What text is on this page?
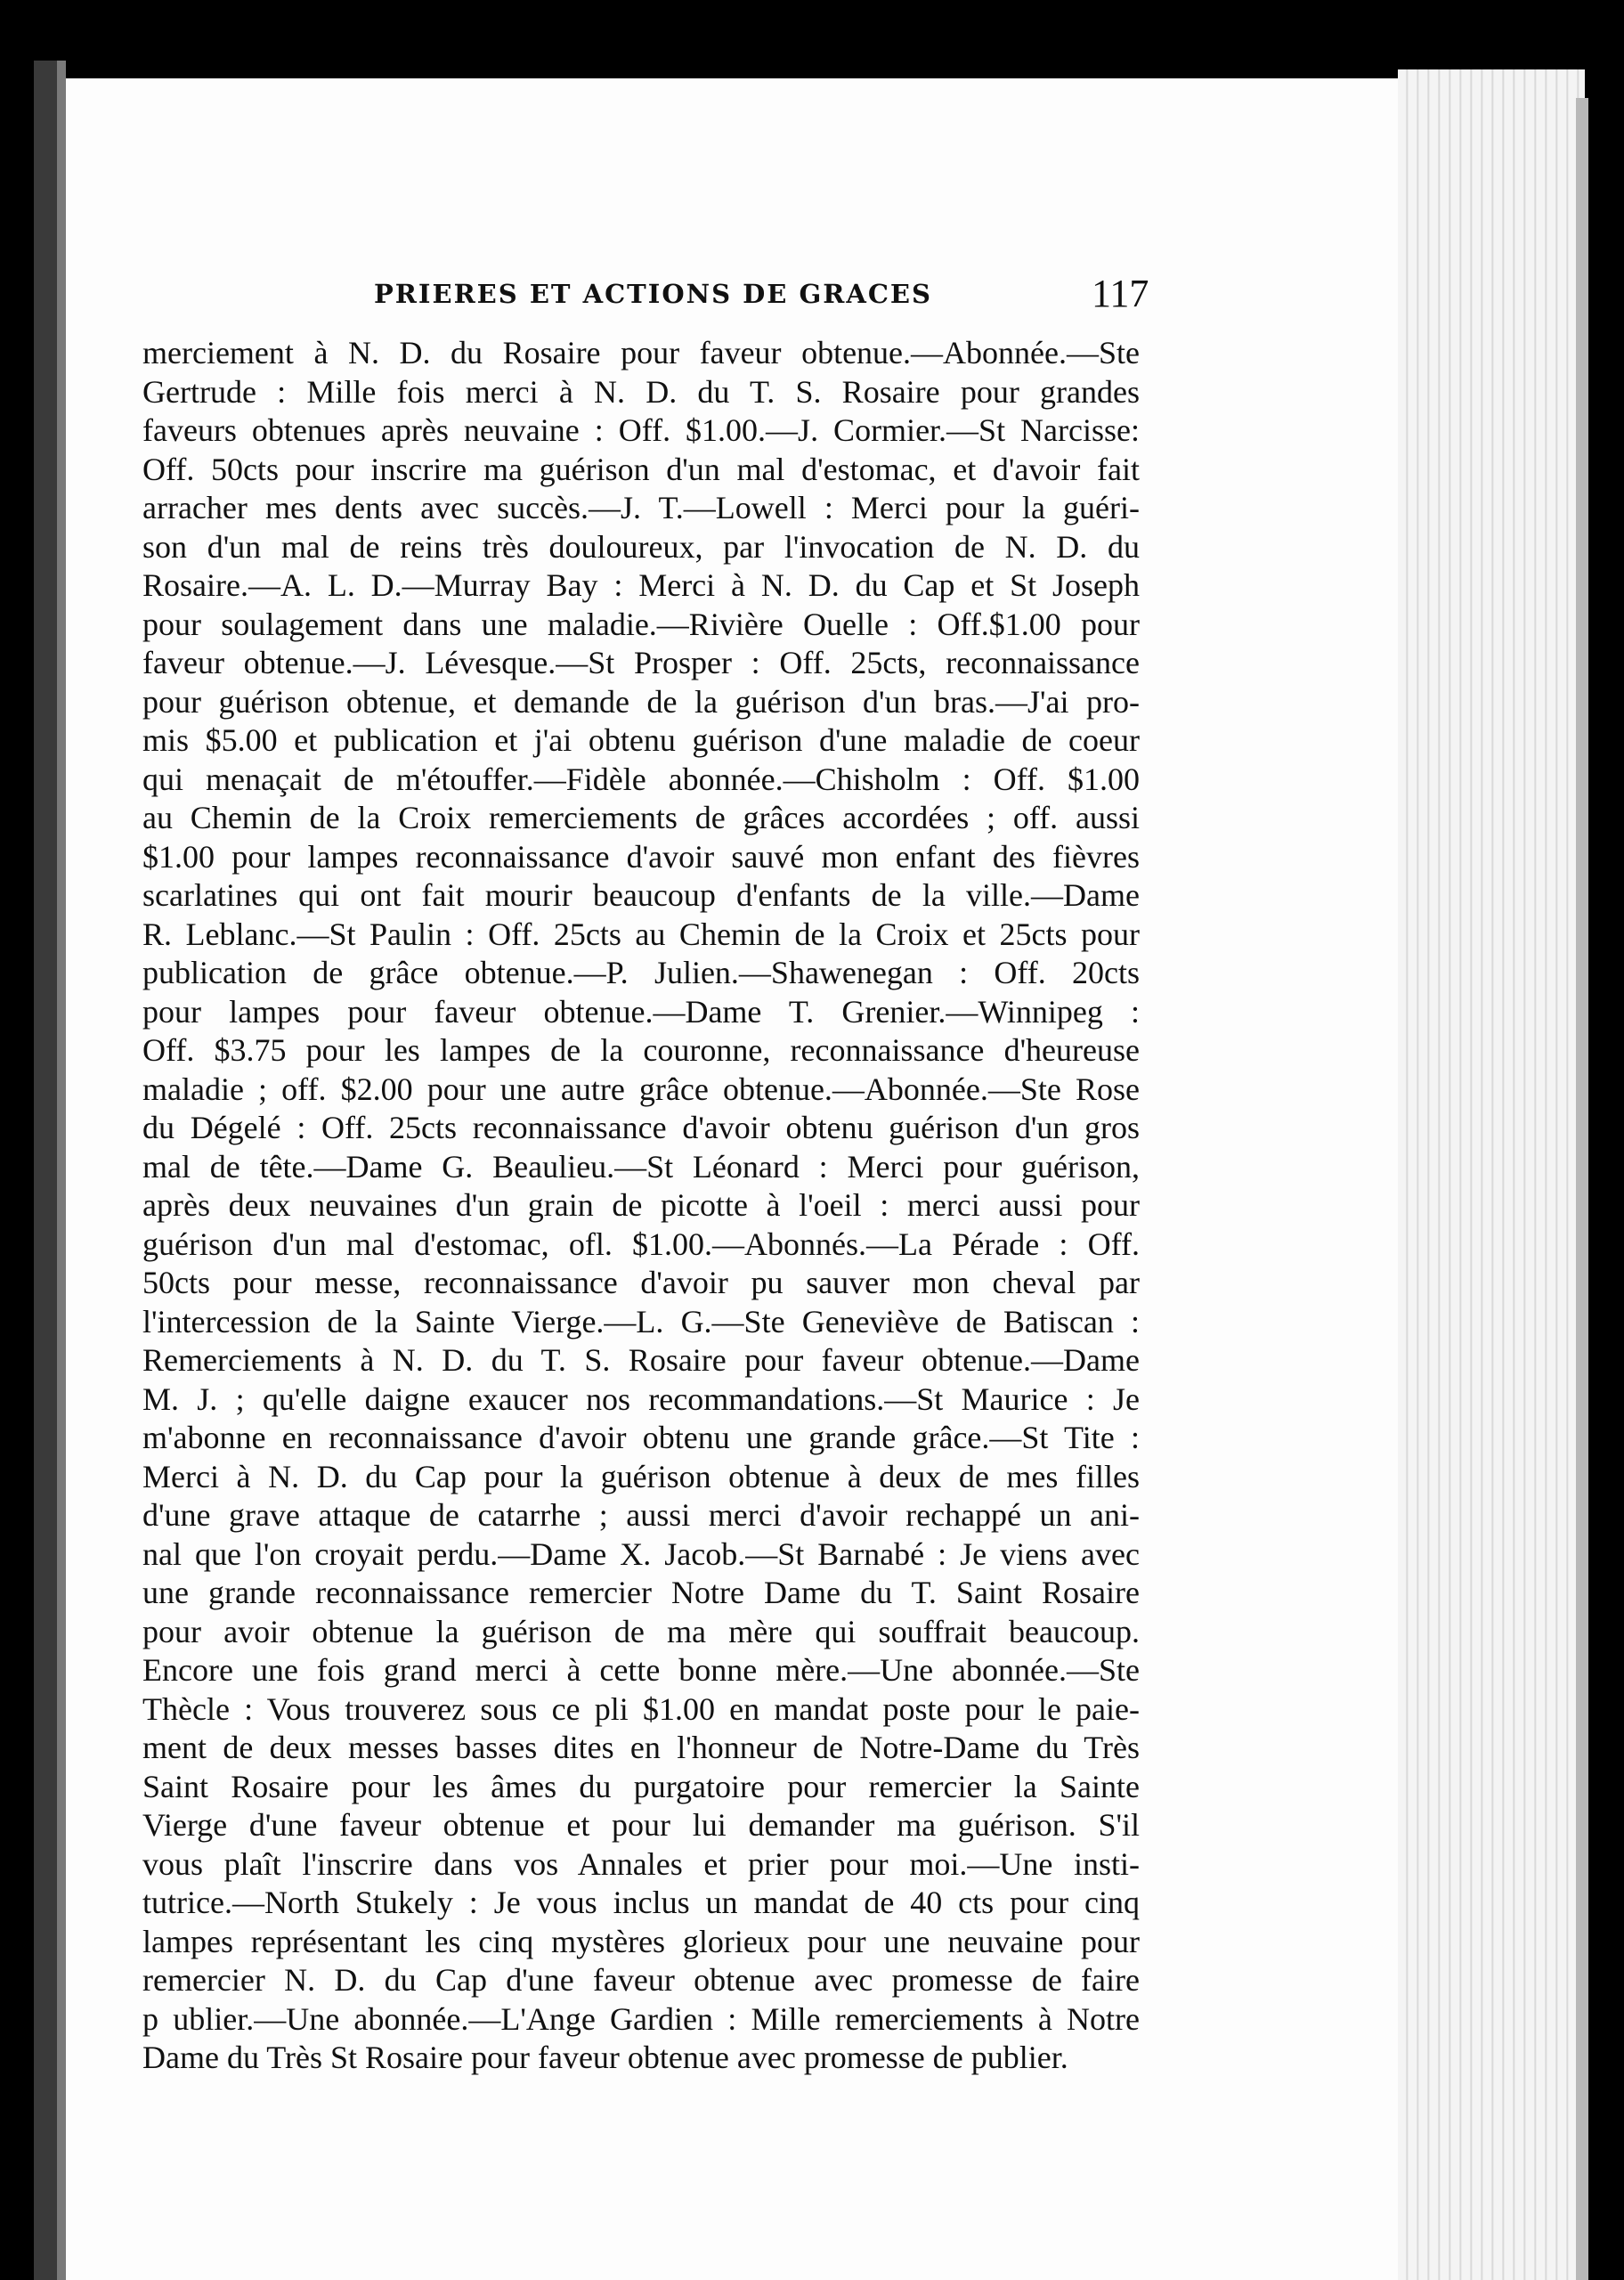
PRIERES ET ACTIONS DE GRACES	117
merciement à N. D. du Rosaire pour faveur obtenue.—Abonnée.—Ste
Gertrude : Mille fois merci à N. D. du T. S. Rosaire pour grandes
faveurs obtenues après neuvaine : Off. $1.00.—J. Cormier.—St Narcisse:
Off. 50cts pour inscrire ma guérison d'un mal d'estomac, et d'avoir fait
arracher mes dents avec succès.—J. T.—Lowell : Merci pour la guéri-
son d'un mal de reins très douloureux, par l'invocation de N. D. du
Rosaire.—A. L. D.—Murray Bay : Merci à N. D. du Cap et St Joseph
pour soulagement dans une maladie.—Rivière Ouelle : Off.$1.00 pour
faveur obtenue.—J. Lévesque.—St Prosper : Off. 25cts, reconnaissance
pour guérison obtenue, et demande de la guérison d'un bras.—J'ai pro-
mis $5.00 et publication et j'ai obtenu guérison d'une maladie de coeur
qui menaçait de m'étouffer.—Fidèle abonnée.—Chisholm : Off. $1.00
au Chemin de la Croix remerciements de grâces accordées ; off. aussi
$1.00 pour lampes reconnaissance d'avoir sauvé mon enfant des fièvres
scarlatines qui ont fait mourir beaucoup d'enfants de la ville.—Dame
R. Leblanc.—St Paulin : Off. 25cts au Chemin de la Croix et 25cts pour
publication de grâce obtenue.—P. Julien.—Shawenegan : Off. 20cts
pour lampes pour faveur obtenue.—Dame T. Grenier.—Winnipeg :
Off. $3.75 pour les lampes de la couronne, reconnaissance d'heureuse
maladie ; off. $2.00 pour une autre grâce obtenue.—Abonnée.—Ste Rose
du Dégelé : Off. 25cts reconnaissance d'avoir obtenu guérison d'un gros
mal de tête.—Dame G. Beaulieu.—St Léonard : Merci pour guérison,
après deux neuvaines d'un grain de picotte à l'oeil : merci aussi pour
guérison d'un mal d'estomac, ofl. $1.00.—Abonnés.—La Pérade : Off.
50cts pour messe, reconnaissance d'avoir pu sauver mon cheval par
l'intercession de la Sainte Vierge.—L. G.—Ste Geneviève de Batiscan :
Remerciements à N. D. du T. S. Rosaire pour faveur obtenue.—Dame
M. J. ; qu'elle daigne exaucer nos recommandations.—St Maurice : Je
m'abonne en reconnaissance d'avoir obtenu une grande grâce.—St Tite :
Merci à N. D. du Cap pour la guérison obtenue à deux de mes filles
d'une grave attaque de catarrhe ; aussi merci d'avoir rechappé un ani-
nal que l'on croyait perdu.—Dame X. Jacob.—St Barnabé : Je viens avec
une grande reconnaissance remercier Notre Dame du T. Saint Rosaire
pour avoir obtenue la guérison de ma mère qui souffrait beaucoup.
Encore une fois grand merci à cette bonne mère.—Une abonnée.—Ste
Thècle : Vous trouverez sous ce pli $1.00 en mandat poste pour le paie-
ment de deux messes basses dites en l'honneur de Notre-Dame du Très
Saint Rosaire pour les âmes du purgatoire pour remercier la Sainte
Vierge d'une faveur obtenue et pour lui demander ma guérison. S'il
vous plaît l'inscrire dans vos Annales et prier pour moi.—Une insti-
tutrice.—North Stukely : Je vous inclus un mandat de 40 cts pour cinq
lampes représentant les cinq mystères glorieux pour une neuvaine pour
remercier N. D. du Cap d'une faveur obtenue avec promesse de faire
p ublier.—Une abonnée.—L'Ange Gardien : Mille remerciements à Notre
Dame du Très St Rosaire pour faveur obtenue avec promesse de publier.
